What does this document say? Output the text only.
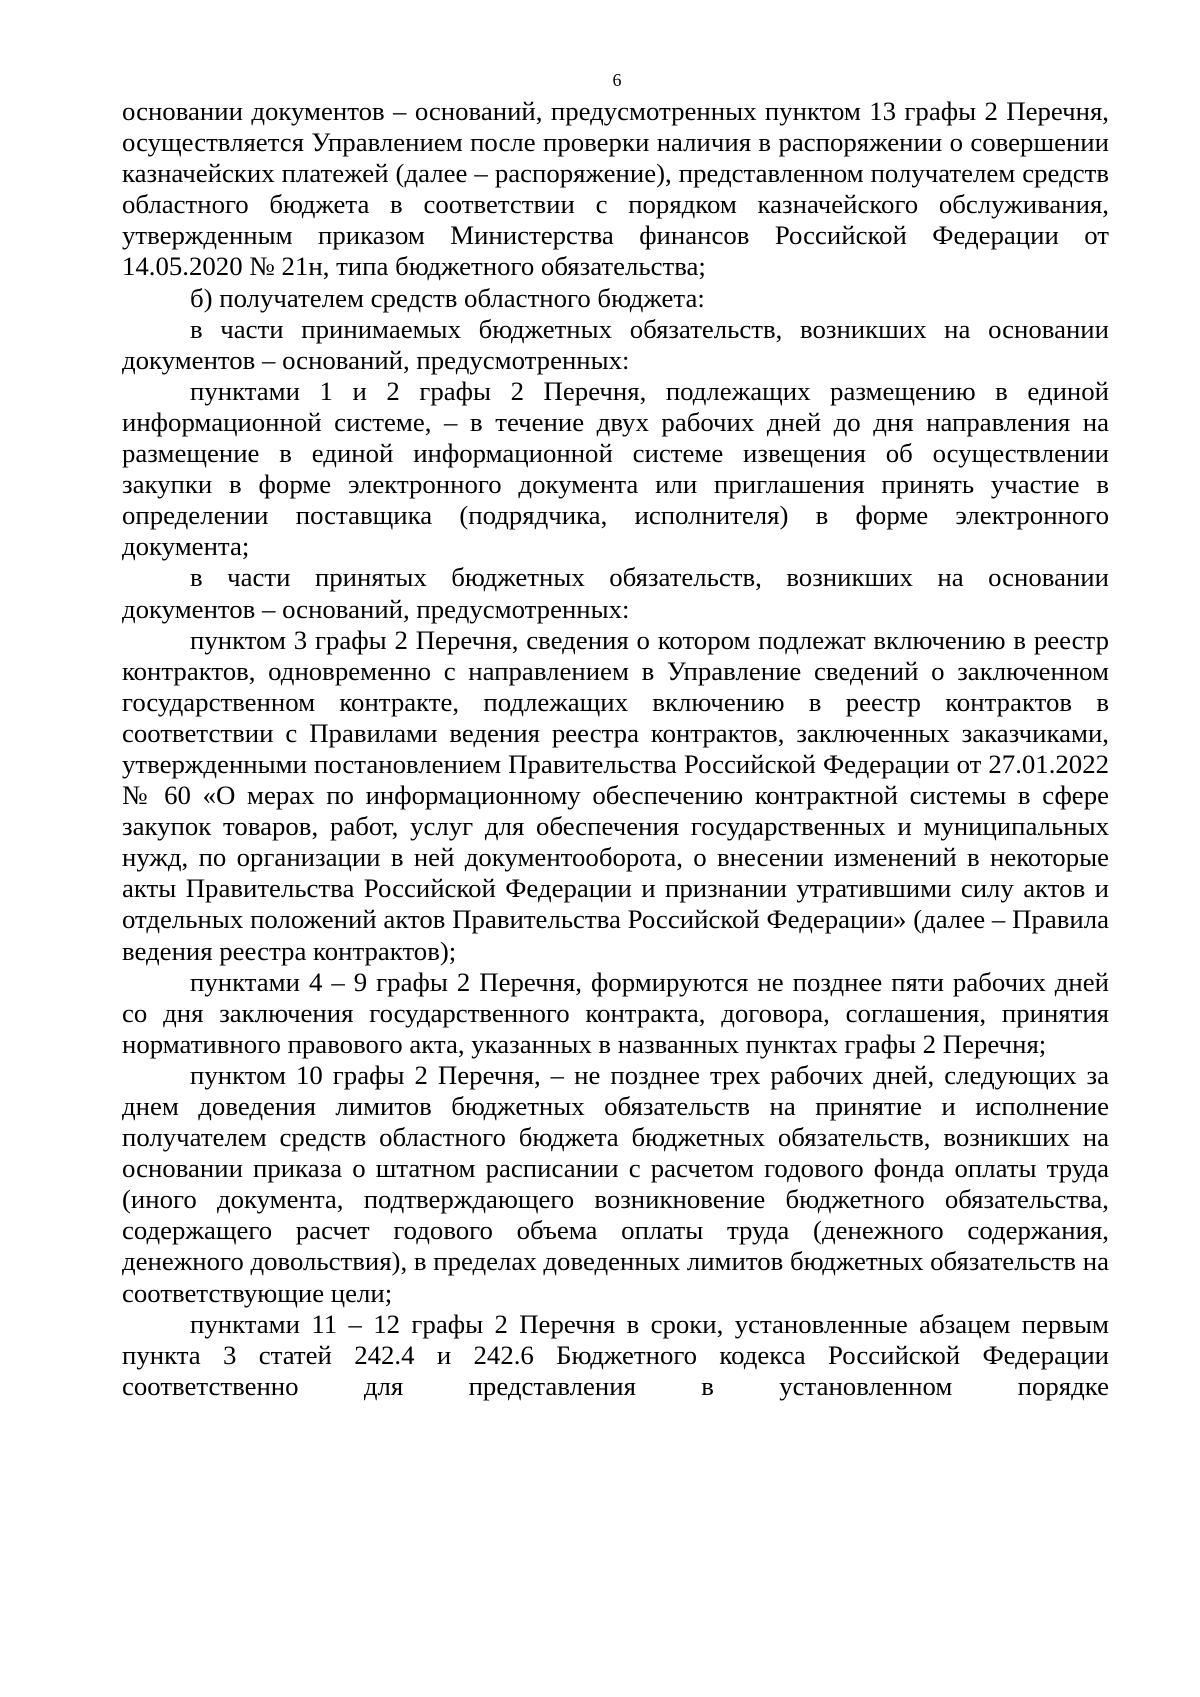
6

основании документов – оснований, предусмотренных пунктом 13 графы 2 Перечня, осуществляется Управлением после проверки наличия в распоряжении о совершении казначейских платежей (далее – распоряжение), представленном получателем средств областного бюджета в соответствии с порядком казначейского обслуживания, утвержденным приказом Министерства финансов Российской Федерации от 14.05.2020 № 21н, типа бюджетного обязательства;

б) получателем средств областного бюджета:

в части принимаемых бюджетных обязательств, возникших на основании документов – оснований, предусмотренных:

пунктами 1 и 2 графы 2 Перечня, подлежащих размещению в единой информационной системе, – в течение двух рабочих дней до дня направления на размещение в единой информационной системе извещения об осуществлении закупки в форме электронного документа или приглашения принять участие в определении поставщика (подрядчика, исполнителя) в форме электронного документа;

в части принятых бюджетных обязательств, возникших на основании документов – оснований, предусмотренных:

пунктом 3 графы 2 Перечня, сведения о котором подлежат включению в реестр контрактов, одновременно с направлением в Управление сведений о заключенном государственном контракте, подлежащих включению в реестр контрактов в соответствии с Правилами ведения реестра контрактов, заключенных заказчиками, утвержденными постановлением Правительства Российской Федерации от 27.01.2022 № 60 «О мерах по информационному обеспечению контрактной системы в сфере закупок товаров, работ, услуг для обеспечения государственных и муниципальных нужд, по организации в ней документооборота, о внесении изменений в некоторые акты Правительства Российской Федерации и признании утратившими силу актов и отдельных положений актов Правительства Российской Федерации» (далее – Правила ведения реестра контрактов);

пунктами 4 – 9 графы 2 Перечня, формируются не позднее пяти рабочих дней со дня заключения государственного контракта, договора, соглашения, принятия нормативного правового акта, указанных в названных пунктах графы 2 Перечня;

пунктом 10 графы 2 Перечня, – не позднее трех рабочих дней, следующих за днем доведения лимитов бюджетных обязательств на принятие и исполнение получателем средств областного бюджета бюджетных обязательств, возникших на основании приказа о штатном расписании с расчетом годового фонда оплаты труда (иного документа, подтверждающего возникновение бюджетного обязательства, содержащего расчет годового объема оплаты труда (денежного содержания, денежного довольствия), в пределах доведенных лимитов бюджетных обязательств на соответствующие цели;

пунктами 11 – 12 графы 2 Перечня в сроки, установленные абзацем первым пункта 3 статей 242.4 и 242.6 Бюджетного кодекса Российской Федерации соответственно для представления в установленном порядке
